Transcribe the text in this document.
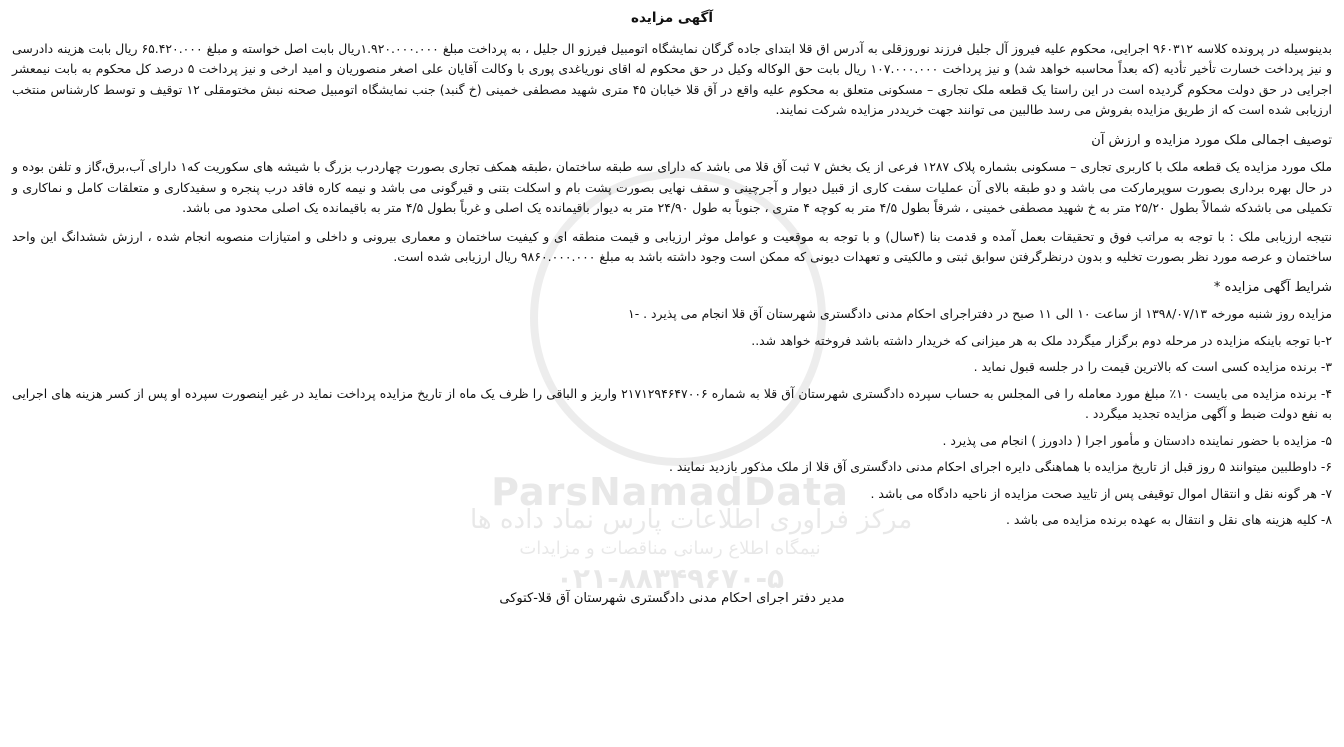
ParsNamadData
مرکز فراوری اطلاعات پارس نماد داده ها
نیمگاه اطلاع رسانی مناقصات و مزایدات
۰۲۱-۸۸۳۴۹۶۷۰-۵
آگهی مزایده

بدینوسیله در پرونده کلاسه ۹۶۰۳۱۲ اجرایی، محکوم علیه فیروز آل جلیل فرزند نوروزقلی به آدرس اق قلا ابتدای جاده گرگان نمایشگاه اتومبیل فیرزو ال جلیل ، به پرداخت مبلغ ۱.۹۲۰.۰۰۰.۰۰۰ریال بابت اصل خواسته و مبلغ ۶۵.۴۲۰.۰۰۰ ریال بابت هزینه دادرسی و نیز پرداخت خسارت تأخیر تأدیه (که بعداً محاسبه خواهد شد) و نیز پرداخت ۱۰۷.۰۰۰.۰۰۰ ریال بابت حق الوکاله وکیل در حق محکوم له اقای نوریاغدی پوری با وکالت آقایان علی اصغر منصوریان و امید ارخی و نیز پرداخت ۵ درصد کل محکوم به بابت نیمعشر اجرایی در حق دولت محکوم گردیده است در این راستا یک قطعه ملک تجاری – مسکونی متعلق به محکوم علیه واقع در آق قلا خیابان ۴۵ متری شهید مصطفی خمینی (خ گنبد) جنب نمایشگاه اتومبیل صحنه نبش مختومقلی ۱۲ توقیف و توسط کارشناس منتخب ارزیابی شده است که از طریق مزایده بفروش می رسد طالبین می توانند جهت خریددر مزایده شرکت نمایند.

توصیف اجمالی ملک مورد مزایده و ارزش آن

ملک مورد مزایده یک قطعه ملک با کاربری تجاری – مسکونی بشماره پلاک ۱۲۸۷ فرعی از یک بخش ۷ ثبت آق قلا می باشد که دارای سه طبقه ساختمان ،طبقه همکف تجاری بصورت چهاردرب بزرگ با شیشه های سکوریت که۱ دارای آب،برق،گاز و تلفن بوده و در حال بهره برداری بصورت سوپرمارکت می باشد و دو طبقه بالای آن عملیات سفت کاری از قبیل دیوار و آجرچینی و سقف نهایی بصورت پشت بام و اسکلت بتنی و قیرگونی می باشد و نیمه کاره فاقد درب پنجره و سفیدکاری و متعلقات کامل و نماکاری و تکمیلی می باشدکه شمالاً بطول ۲۵/۲۰ متر به خ شهید مصطفی خمینی ، شرقاً بطول ۴/۵ متر به کوچه ۴ متری ، جنوباً به طول ۲۴/۹۰ متر به دیوار باقیمانده یک اصلی و غرباً بطول ۴/۵ متر به باقیمانده یک اصلی محدود می باشد.

نتیجه ارزیابی ملک : با توجه به مراتب فوق و تحقیقات بعمل آمده و قدمت بنا (۴سال) و با توجه به موقعیت و عوامل موثر ارزیابی و قیمت منطقه ای و کیفیت ساختمان و معماری بیرونی و داخلی و امتیازات منصوبه انجام شده ، ارزش ششدانگ این واحد ساختمان و عرصه مورد نظر بصورت تخلیه و بدون درنظرگرفتن سوابق ثبتی و مالکیتی و تعهدات دیونی که ممکن است وجود داشته باشد به مبلغ ۹۸۶۰.۰۰۰.۰۰۰ ریال ارزیابی شده است.

شرایط آگهی مزایده *

مزایده روز شنبه مورخه ۱۳۹۸/۰۷/۱۳ از ساعت ۱۰ الی ۱۱ صبح در دفتراجرای احکام مدنی دادگستری شهرستان آق قلا انجام می پذیرد . -۱

۲-با توجه باینکه مزایده در مرحله دوم برگزار میگردد ملک به هر میزانی که خریدار داشته باشد فروخته خواهد شد..

۳- برنده مزایده کسی است که بالاترین قیمت را در جلسه قبول نماید .

۴- برنده مزایده می بایست ۱۰٪ مبلغ مورد معامله را فی المجلس به حساب سپرده دادگستری شهرستان آق قلا به شماره ۲۱۷۱۲۹۴۶۴۷۰۰۶ واریز و الباقی را ظرف یک ماه از تاریخ مزایده پرداخت نماید در غیر اینصورت سپرده او پس از کسر هزینه های اجرایی به نفع دولت ضبط و آگهی مزایده تجدید میگردد .

۵- مزایده با حضور نماینده دادستان و مأمور اجرا ( دادورز ) انجام می پذیرد .

۶- داوطلبین میتوانند ۵ روز قبل از تاریخ مزایده با هماهنگی دایره اجرای احکام مدنی دادگستری آق قلا از ملک مذکور بازدید نمایند .

۷- هر گونه نقل و انتقال اموال توقیفی پس از تایید صحت مزایده از ناحیه دادگاه می باشد .

۸- کلیه هزینه های نقل و انتقال به عهده برنده مزایده می باشد .

مدیر دفتر اجرای احکام مدنی دادگستری شهرستان آق قلا-کتوکی
